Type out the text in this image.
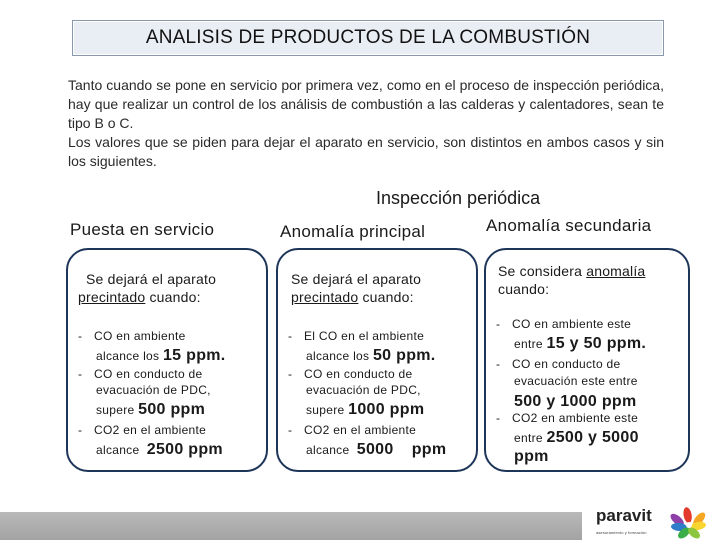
ANALISIS DE PRODUCTOS DE LA COMBUSTIÓN

Tanto cuando se pone en servicio por primera vez, como en el proceso de inspección periódica, hay que realizar un control de los análisis de combustión a las calderas y calentadores, sean te tipo B o C.

Los valores que se piden para dejar el aparato en servicio, son distintos en ambos casos y sin los siguientes.

Inspección periódica
Puesta en servicio	Anomalía principal	Anomalía secundaria
Se dejará el aparato
precintado cuando:
- CO en ambiente
alcance los 15 ppm.
- CO en conducto de
evacuación de PDC,
supere 500 ppm
- CO2 en el ambiente
alcance 2500 ppm
Se dejará el aparato
precintado cuando:
- El CO en el ambiente
alcance los 50 ppm.
- CO en conducto de
evacuación de PDC,
supere 1000 ppm
- CO2 en el ambiente
alcance 5000 ppm
Se considera anomalía
cuando:
- CO en ambiente este
entre 15 y 50 ppm.
- CO en conducto de
evacuación este entre
500 y 1000 ppm
- CO2 en ambiente este
entre 2500 y 5000
ppm
paravit
asesoramiento y formación
